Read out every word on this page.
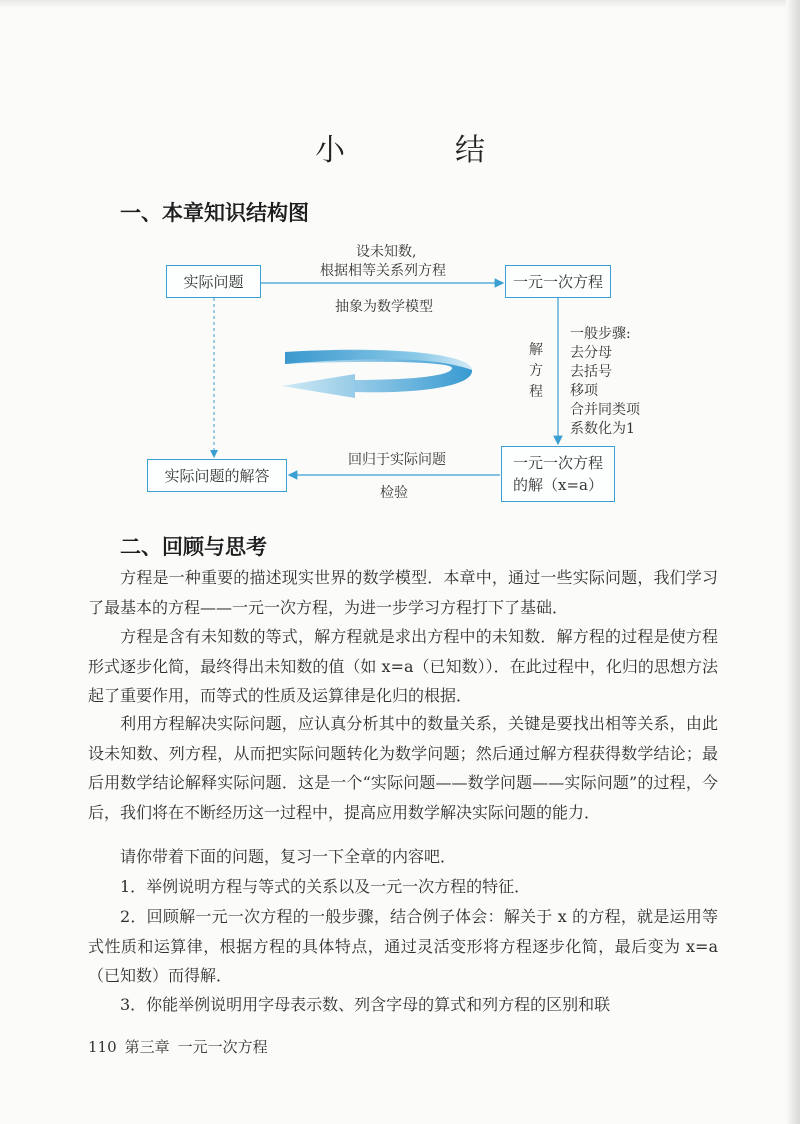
小　结
一、本章知识结构图
实际问题	一元一次方程
实际问题的解答
一元一次方程
的解（x=a）
设未知数,
根据相等关系列方程
抽象为数学模型
解
方
程
一般步骤:
去分母
去括号
移项
合并同类项
系数化为1
回归于实际问题
检验
二、回顾与思考
方程是一种重要的描述现实世界的数学模型．本章中，通过一些实际问题，我们学习了最基本的方程——一元一次方程，为进一步学习方程打下了基础．
方程是含有未知数的等式，解方程就是求出方程中的未知数．解方程的过程是使方程形式逐步化简，最终得出未知数的值（如 x=a（已知数））．在此过程中，化归的思想方法起了重要作用，而等式的性质及运算律是化归的根据．
利用方程解决实际问题，应认真分析其中的数量关系，关键是要找出相等关系，由此设未知数、列方程，从而把实际问题转化为数学问题；然后通过解方程获得数学结论；最后用数学结论解释实际问题．这是一个“实际问题——数学问题——实际问题”的过程，今后，我们将在不断经历这一过程中，提高应用数学解决实际问题的能力．
请你带着下面的问题，复习一下全章的内容吧．
1．举例说明方程与等式的关系以及一元一次方程的特征．
2．回顾解一元一次方程的一般步骤，结合例子体会：解关于 x 的方程，就是运用等式性质和运算律，根据方程的具体特点，通过灵活变形将方程逐步化简，最后变为 x=a（已知数）而得解．
3．你能举例说明用字母表示数、列含字母的算式和列方程的区别和联
110 第三章 一元一次方程
